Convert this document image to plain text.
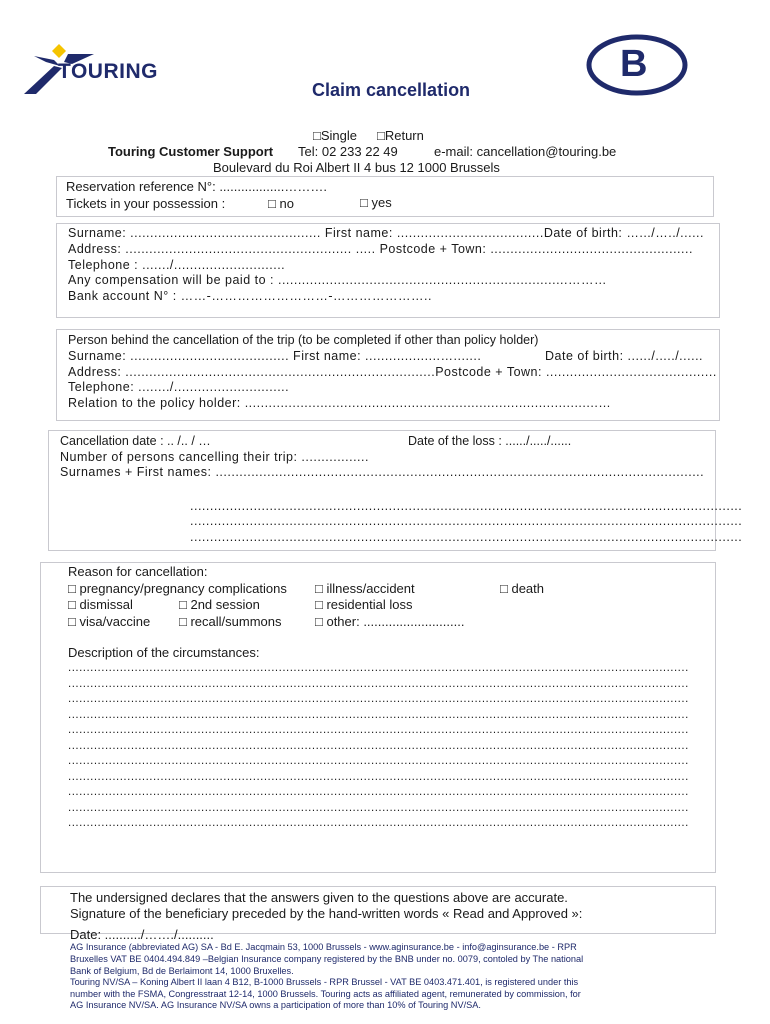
TOURING	B
Claim cancellation
□Single □Return
Touring Customer Support Tel: 02 233 22 49	e-mail: cancellation@touring.be
Boulevard du Roi Albert II 4 bus 12 1000 Brussels
Reservation reference N°: ..................……….
Tickets in your possession :	□ no	□ yes
Surname: ................................................ First name: .....................................Date of birth: ….../…../......
Address: ......................................................... ..... Postcode + Town: ...................................................
Telephone : ......./............................
Any compensation will be paid to : .........................................................................………
Bank account N° : ……-………………………-…………………..
Person behind the cancellation of the trip (to be completed if other than policy holder)
Surname: ........................................ First name: ...................….......	Date of birth: ....../...../......
Address: ..............................................................................Postcode + Town: ...........................................
Telephone: ......../.............................
Relation to the policy holder: .........................................................................................…
Cancellation date : .. /.. / …	Date of the loss : ....../...../......
Number of persons cancelling their trip: .................
Surnames + First names: ...........................................................................................................................
...........................................................................................................................................
...........................................................................................................................................
...........................................................................................................................................
Reason for cancellation:
□ pregnancy/pregnancy complications □ illness/accident	□ death
□ dismissal	□ 2nd session	□ residential loss
□ visa/vaccine □ recall/summons	□ other: ............................
Description of the circumstances:
........................................................................................................................................................................
........................................................................................................................................................................
........................................................................................................................................................................
........................................................................................................................................................................
........................................................................................................................................................................
........................................................................................................................................................................
........................................................................................................................................................................
........................................................................................................................................................................
........................................................................................................................................................................
........................................................................................................................................................................
........................................................................................................................................................................
The undersigned declares that the answers given to the questions above are accurate.
Signature of the beneficiary preceded by the hand-written words « Read and Approved »:
Date: ........../……./..........
AG Insurance (abbreviated AG) SA - Bd E. Jacqmain 53, 1000 Brussels - www.aginsurance.be - info@aginsurance.be - RPR
Bruxelles VAT BE 0404.494.849 –Belgian Insurance company registered by the BNB under no. 0079, contoled by The national
Bank of Belgium, Bd de Berlaimont 14, 1000 Bruxelles.
Touring NV/SA – Koning Albert II laan 4 B12, B-1000 Brussels - RPR Brussel - VAT BE 0403.471.401, is registered under this
number with the FSMA, Congresstraat 12-14, 1000 Brussels. Touring acts as affiliated agent, remunerated by commission, for
AG Insurance NV/SA. AG Insurance NV/SA owns a participation of more than 10% of Touring NV/SA.
